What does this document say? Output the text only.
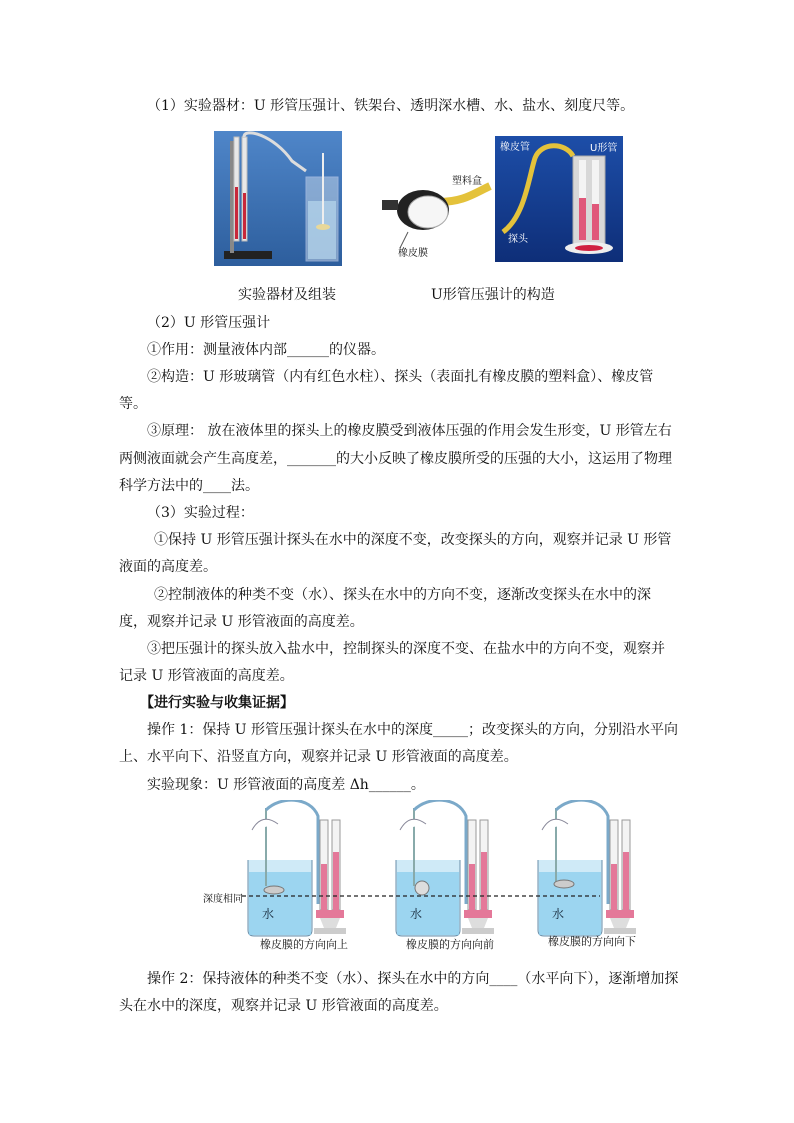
（1）实验器材：U 形管压强计、铁架台、透明深水槽、水、盐水、刻度尺等。
塑料盒
橡皮膜
橡皮管	U形管
探头
实验器材及组装	U形管压强计的构造
（2）U 形管压强计
①作用：测量液体内部______的仪器。
②构造：U 形玻璃管（内有红色水柱）、探头（表面扎有橡皮膜的塑料盒）、橡皮管
等。
③原理： 放在液体里的探头上的橡皮膜受到液体压强的作用会发生形变，U 形管左右
两侧液面就会产生高度差，_______的大小反映了橡皮膜所受的压强的大小，这运用了物理
科学方法中的____法。
（3）实验过程：
①保持 U 形管压强计探头在水中的深度不变，改变探头的方向，观察并记录 U 形管
液面的高度差。
②控制液体的种类不变（水）、探头在水中的方向不变，逐渐改变探头在水中的深
度，观察并记录 U 形管液面的高度差。
③把压强计的探头放入盐水中，控制探头的深度不变、在盐水中的方向不变，观察并
记录 U 形管液面的高度差。
【进行实验与收集证据】
操作 1：保持 U 形管压强计探头在水中的深度_____；改变探头的方向，分别沿水平向
上、水平向下、沿竖直方向，观察并记录 U 形管液面的高度差。
实验现象：U 形管液面的高度差 Δh______。
水	水	水
深度相同
橡皮膜的方向向上	橡皮膜的方向向前	橡皮膜的方向向下
操作 2：保持液体的种类不变（水）、探头在水中的方向____（水平向下），逐渐增加探
头在水中的深度，观察并记录 U 形管液面的高度差。
